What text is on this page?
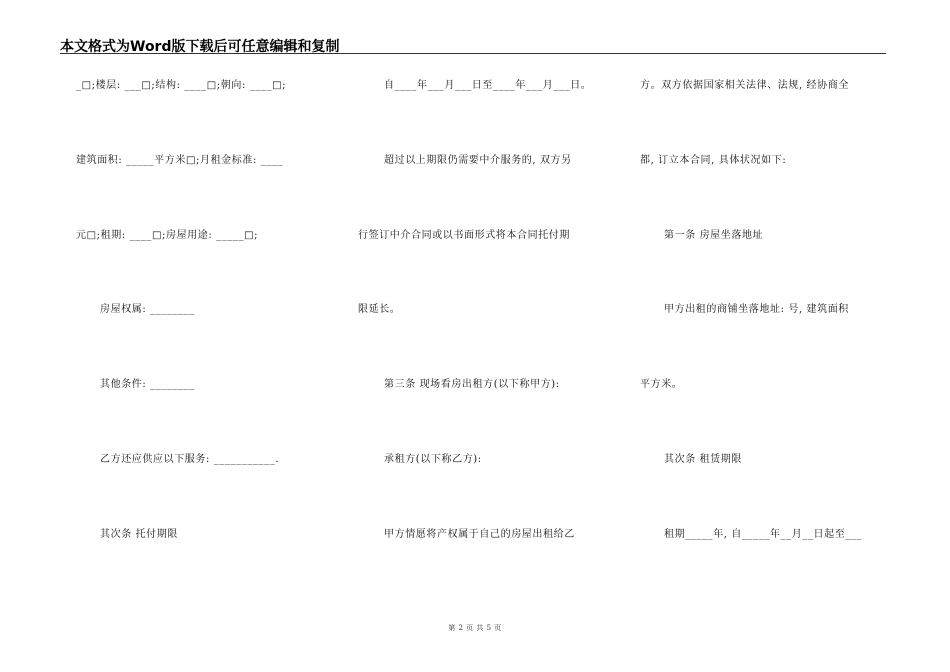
本文格式为Word版下载后可任意编辑和复制
_□;楼层: ___□;结构: ____□;朝向: ____□;
建筑面积: _____平方米□;月租金标准: ____
元□;租期: ____□;房屋用途: _____□;
房屋权属: ________
其他条件: ________
乙方还应供应以下服务: ___________.
其次条 托付期限
自____年___月___日至____年___月___日。
超过以上期限仍需要中介服务的, 双方另
行签订中介合同或以书面形式将本合同托付期
限延长。
第三条 现场看房出租方(以下称甲方):
承租方(以下称乙方):
甲方情愿将产权属于自己的房屋出租给乙
方。双方依据国家相关法律、法规, 经协商全
都, 订立本合同, 具体状况如下:
第一条 房屋坐落地址
甲方出租的商铺坐落地址: 号, 建筑面积
平方米。
其次条 租赁期限
租期_____年, 自_____年__月__日起至___
第 2 页 共 5 页
